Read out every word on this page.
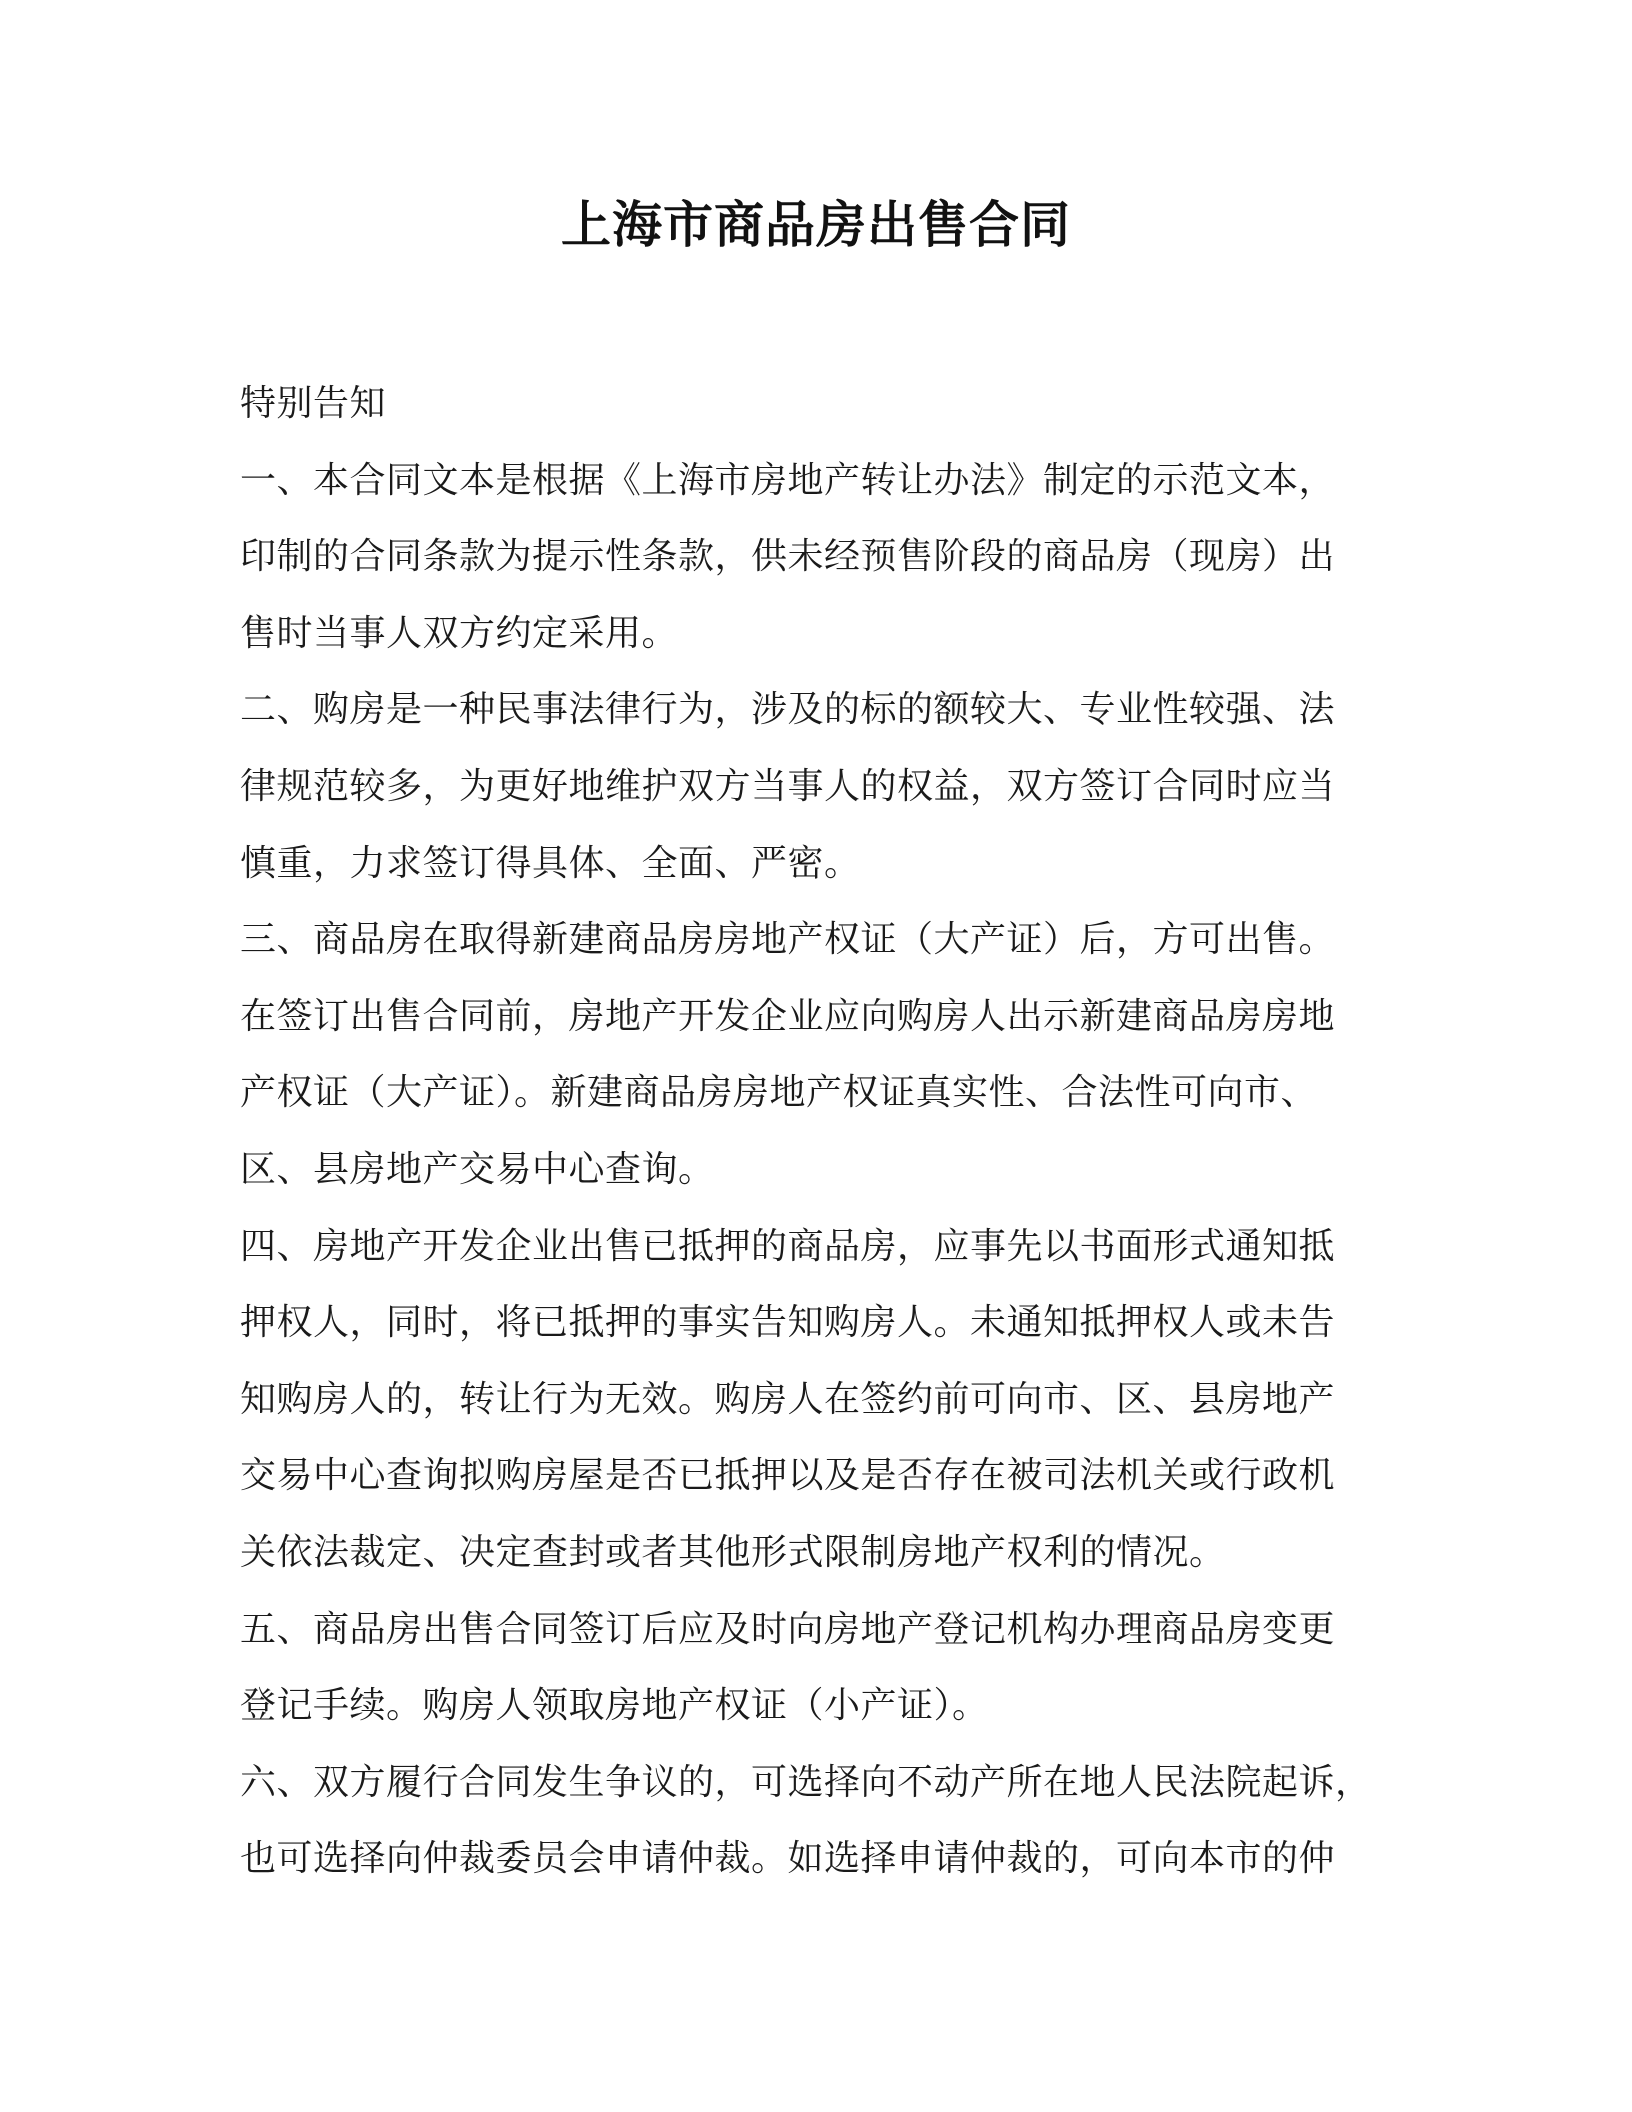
上海市商品房出售合同
特别告知
一、本合同文本是根据《上海市房地产转让办法》制定的示范文本，
印制的合同条款为提示性条款，供未经预售阶段的商品房（现房）出
售时当事人双方约定采用。
二、购房是一种民事法律行为，涉及的标的额较大、专业性较强、法
律规范较多，为更好地维护双方当事人的权益，双方签订合同时应当
慎重，力求签订得具体、全面、严密。
三、商品房在取得新建商品房房地产权证（大产证）后，方可出售。
在签订出售合同前，房地产开发企业应向购房人出示新建商品房房地
产权证（大产证）。新建商品房房地产权证真实性、合法性可向市、
区、县房地产交易中心查询。
四、房地产开发企业出售已抵押的商品房，应事先以书面形式通知抵
押权人，同时，将已抵押的事实告知购房人。未通知抵押权人或未告
知购房人的，转让行为无效。购房人在签约前可向市、区、县房地产
交易中心查询拟购房屋是否已抵押以及是否存在被司法机关或行政机
关依法裁定、决定查封或者其他形式限制房地产权利的情况。
五、商品房出售合同签订后应及时向房地产登记机构办理商品房变更
登记手续。购房人领取房地产权证（小产证）。
六、双方履行合同发生争议的，可选择向不动产所在地人民法院起诉，
也可选择向仲裁委员会申请仲裁。如选择申请仲裁的，可向本市的仲
